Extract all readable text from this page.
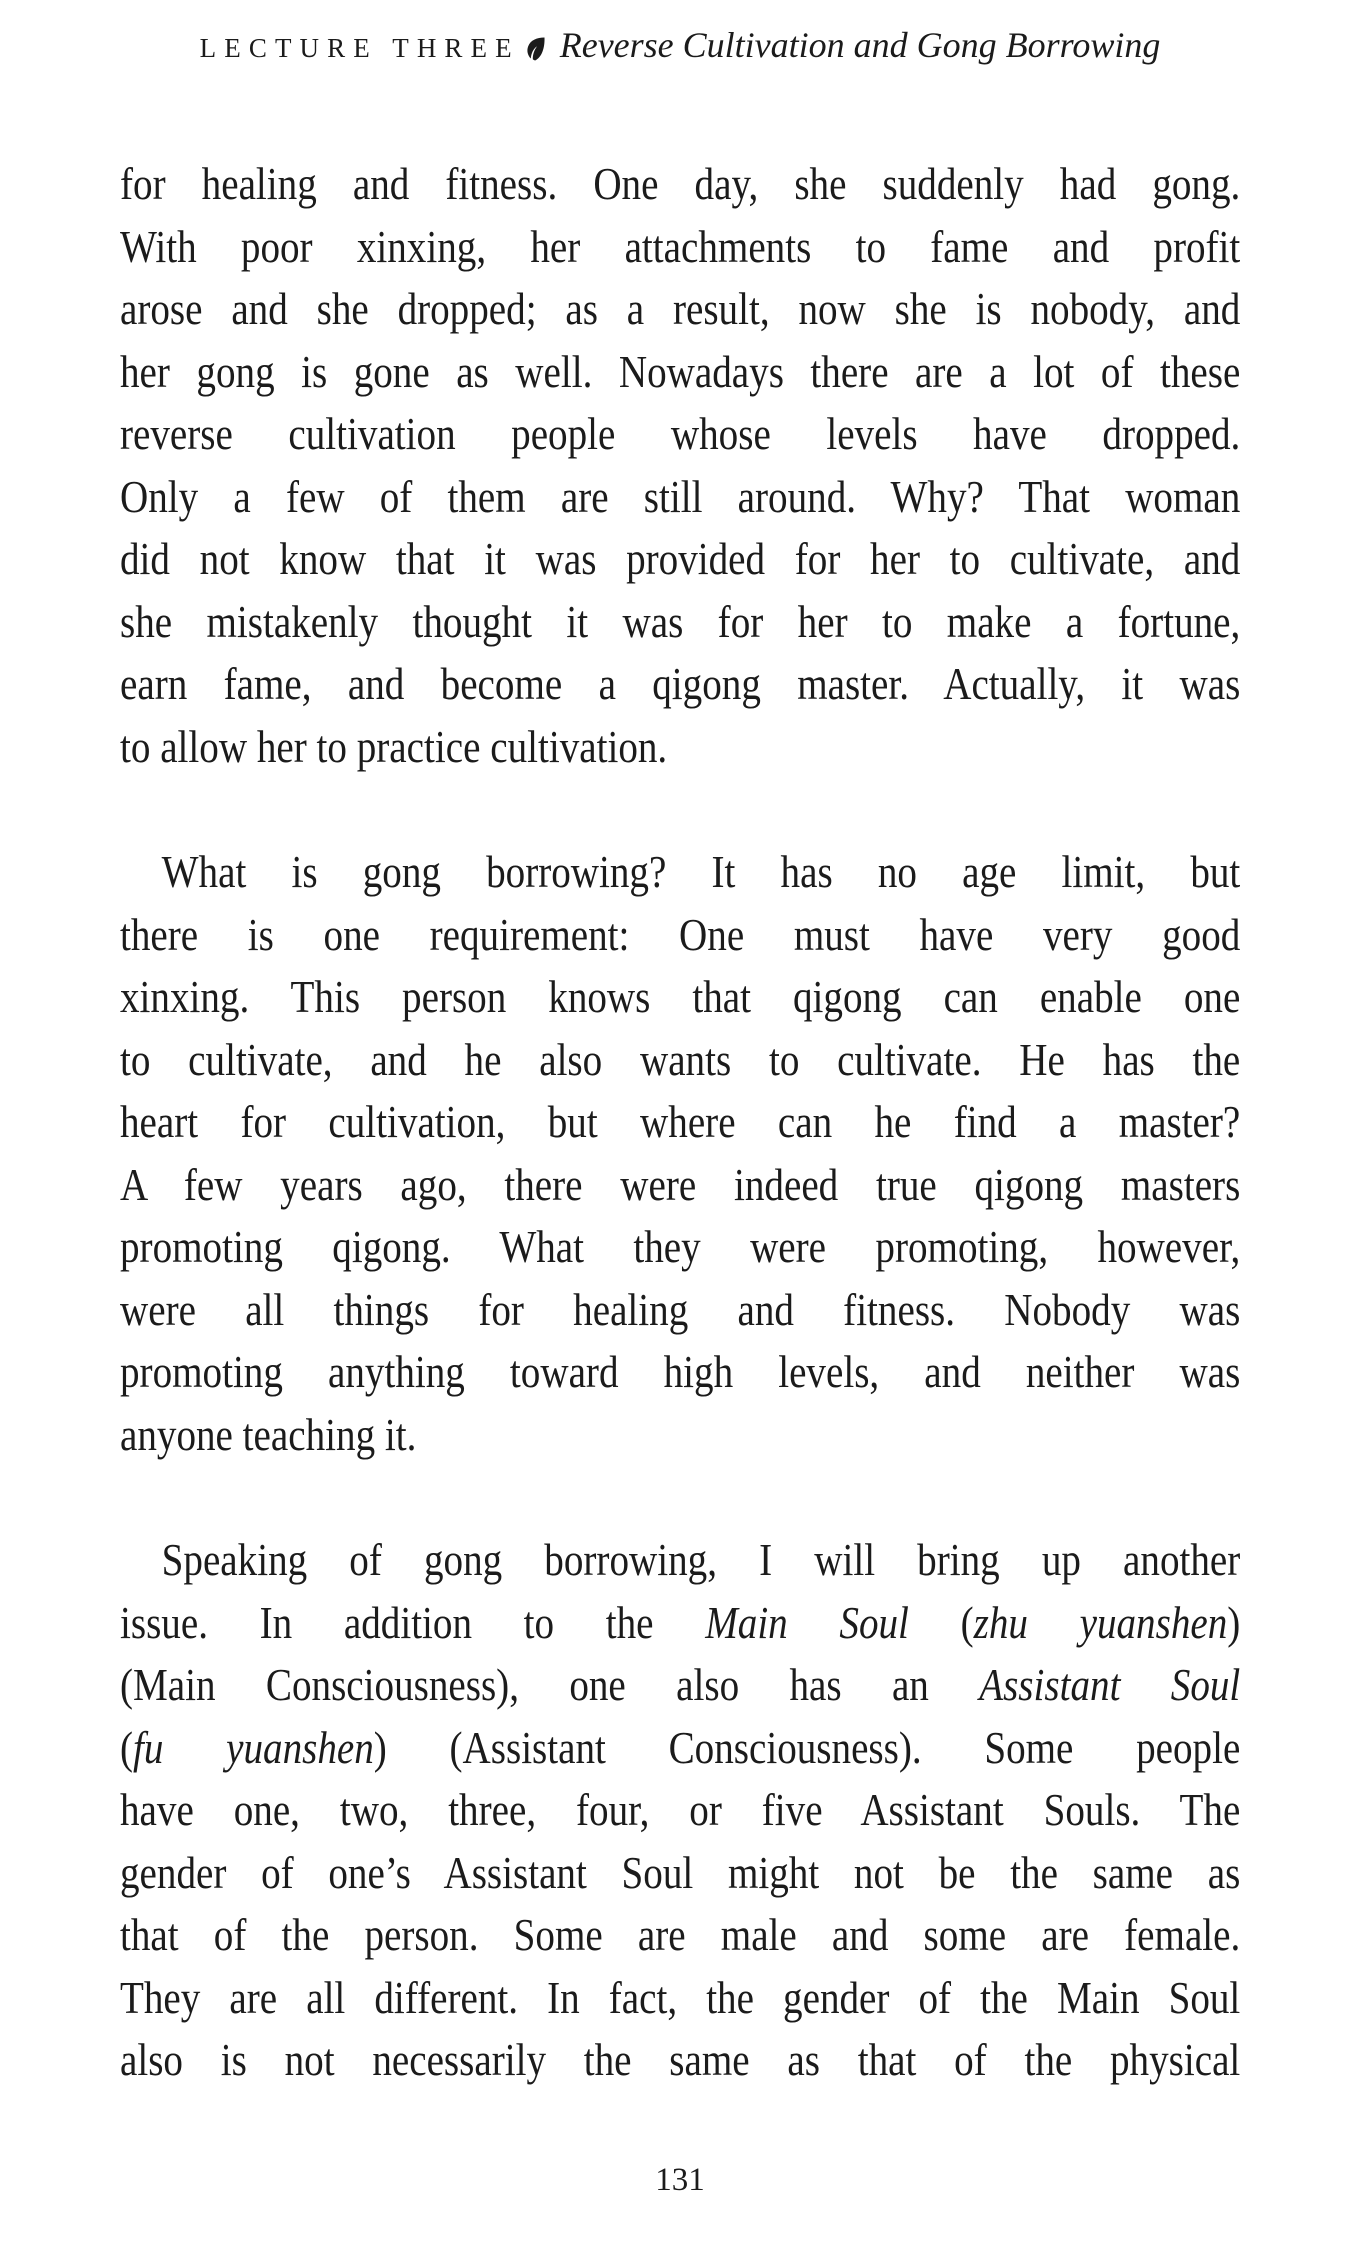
LECTURE THREE Reverse Cultivation and Gong Borrowing
for healing and fitness. One day, she suddenly had gong.
With poor xinxing, her attachments to fame and profit
arose and she dropped; as a result, now she is nobody, and
her gong is gone as well. Nowadays there are a lot of these
reverse cultivation people whose levels have dropped.
Only a few of them are still around. Why? That woman
did not know that it was provided for her to cultivate, and
she mistakenly thought it was for her to make a fortune,
earn fame, and become a qigong master. Actually, it was
to allow her to practice cultivation.
What is gong borrowing? It has no age limit, but
there is one requirement: One must have very good
xinxing. This person knows that qigong can enable one
to cultivate, and he also wants to cultivate. He has the
heart for cultivation, but where can he find a master?
A few years ago, there were indeed true qigong masters
promoting qigong. What they were promoting, however,
were all things for healing and fitness. Nobody was
promoting anything toward high levels, and neither was
anyone teaching it.
Speaking of gong borrowing, I will bring up another
issue. In addition to the Main Soul (zhu yuanshen)
(Main Consciousness), one also has an Assistant Soul
(fu yuanshen) (Assistant Consciousness). Some people
have one, two, three, four, or five Assistant Souls. The
gender of one’s Assistant Soul might not be the same as
that of the person. Some are male and some are female.
They are all different. In fact, the gender of the Main Soul
also is not necessarily the same as that of the physical
131
